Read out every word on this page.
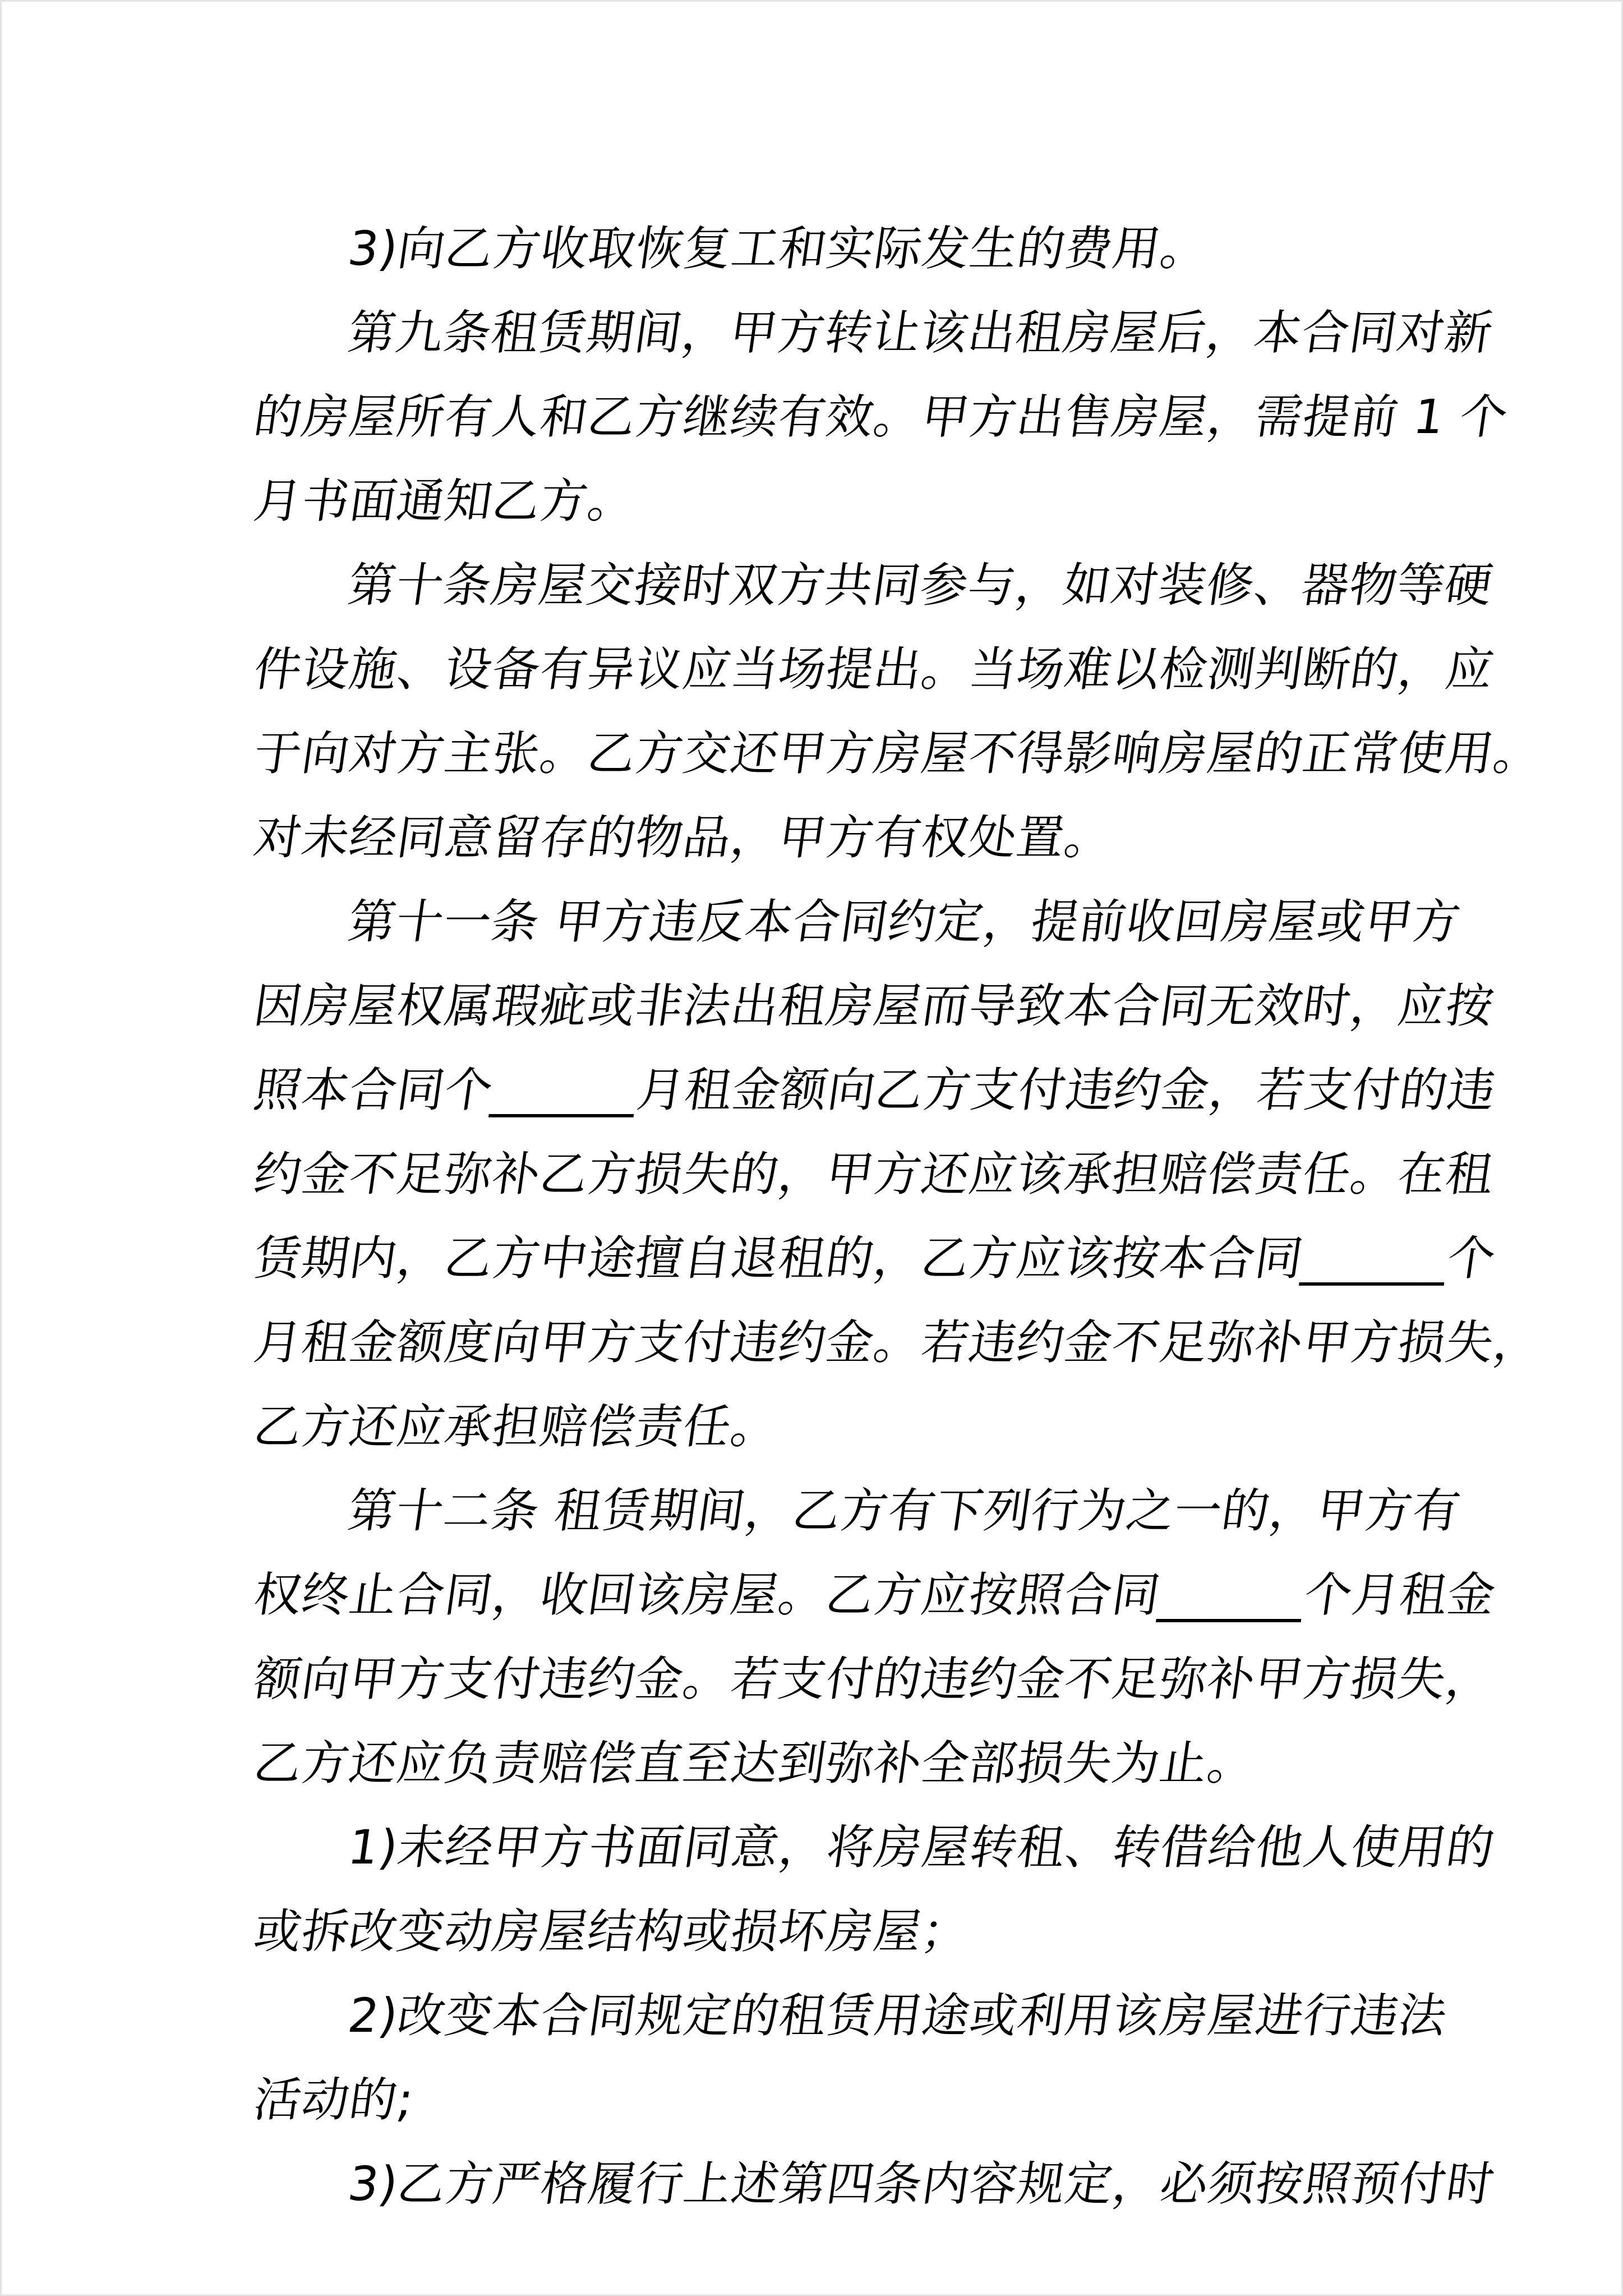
3)向乙方收取恢复工和实际发生的费用。
第九条租赁期间，甲方转让该出租房屋后，本合同对新
的房屋所有人和乙方继续有效。甲方出售房屋，需提前 1 个
月书面通知乙方。
第十条房屋交接时双方共同参与，如对装修、器物等硬
件设施、设备有异议应当场提出。当场难以检测判断的，应
于向对方主张。乙方交还甲方房屋不得影响房屋的正常使用。
对未经同意留存的物品，甲方有权处置。
第十一条 甲方违反本合同约定，提前收回房屋或甲方
因房屋权属瑕疵或非法出租房屋而导致本合同无效时，应按
照本合同个______月租金额向乙方支付违约金，若支付的违
约金不足弥补乙方损失的，甲方还应该承担赔偿责任。在租
赁期内，乙方中途擅自退租的，乙方应该按本合同______个
月租金额度向甲方支付违约金。若违约金不足弥补甲方损失，
乙方还应承担赔偿责任。
第十二条 租赁期间，乙方有下列行为之一的，甲方有
权终止合同，收回该房屋。乙方应按照合同______个月租金
额向甲方支付违约金。若支付的违约金不足弥补甲方损失，
乙方还应负责赔偿直至达到弥补全部损失为止。
1)未经甲方书面同意，将房屋转租、转借给他人使用的
或拆改变动房屋结构或损坏房屋；
2)改变本合同规定的租赁用途或利用该房屋进行违法
活动的;
3)乙方严格履行上述第四条内容规定，必须按照预付时
